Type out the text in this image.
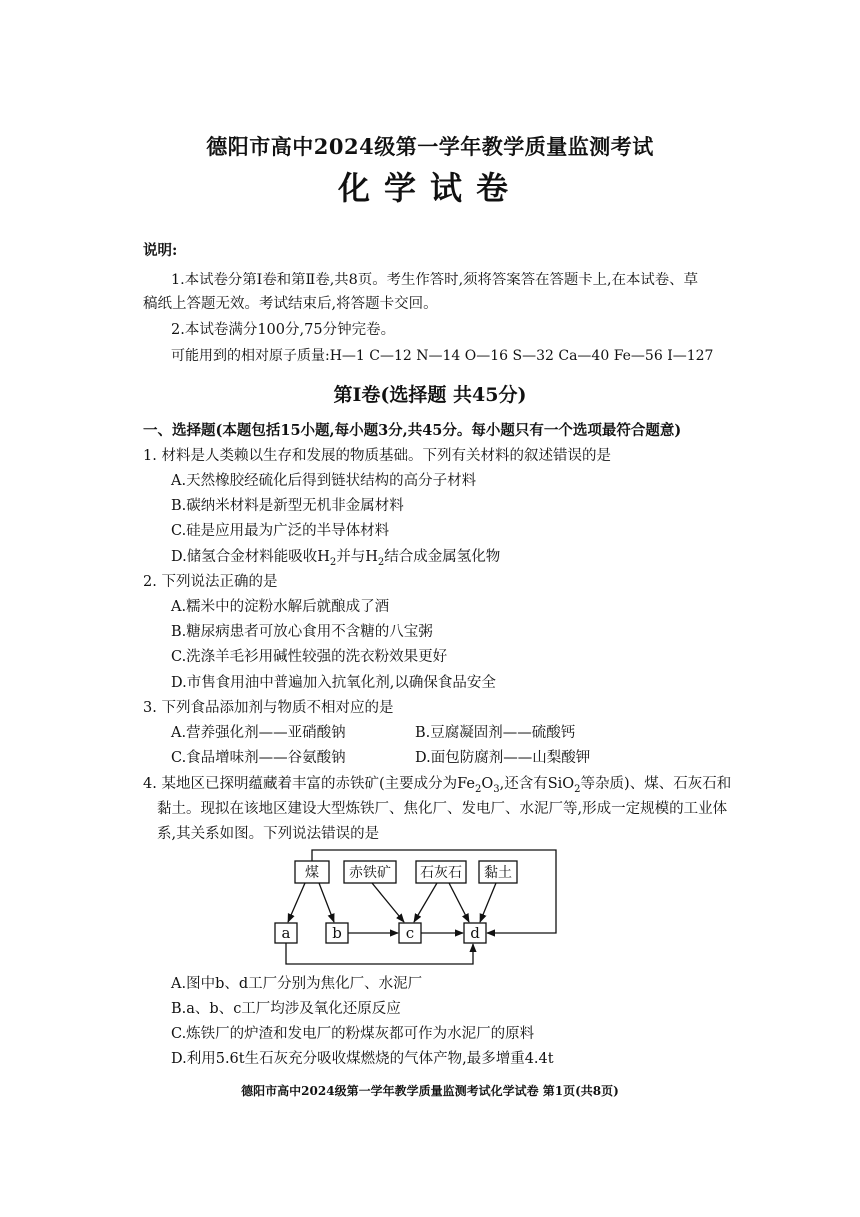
德阳市高中2024级第一学年教学质量监测考试
化学试卷
说明:
1.本试卷分第Ⅰ卷和第Ⅱ卷,共8页。考生作答时,须将答案答在答题卡上,在本试卷、草
稿纸上答题无效。考试结束后,将答题卡交回。
2.本试卷满分100分,75分钟完卷。
可能用到的相对原子质量:H—1 C—12 N—14 O—16 S—32 Ca—40 Fe—56 I—127
第Ⅰ卷(选择题 共45分)
一、选择题(本题包括15小题,每小题3分,共45分。每小题只有一个选项最符合题意)
1. 材料是人类赖以生存和发展的物质基础。下列有关材料的叙述错误的是
A.天然橡胶经硫化后得到链状结构的高分子材料
B.碳纳米材料是新型无机非金属材料
C.硅是应用最为广泛的半导体材料
D.储氢合金材料能吸收$H_2$并与$H_2$结合成金属氢化物
2. 下列说法正确的是
A.糯米中的淀粉水解后就酿成了酒
B.糖尿病患者可放心食用不含糖的八宝粥
C.洗涤羊毛衫用碱性较强的洗衣粉效果更好
D.市售食用油中普遍加入抗氧化剂,以确保食品安全
3. 下列食品添加剂与物质不相对应的是
A.营养强化剂——亚硝酸钠	B.豆腐凝固剂——硫酸钙
C.食品增味剂——谷氨酸钠	D.面包防腐剂——山梨酸钾
4. 某地区已探明蕴藏着丰富的赤铁矿(主要成分为$Fe_2O_3$,还含有SiO$_2$等杂质)、煤、石灰石和
黏土。现拟在该地区建设大型炼铁厂、焦化厂、发电厂、水泥厂等,形成一定规模的工业体
系,其关系如图。下列说法错误的是
煤 赤铁矿 石灰石 黏土
a	b	c	d
A.图中b、d工厂分别为焦化厂、水泥厂
B.a、b、c工厂均涉及氧化还原反应
C.炼铁厂的炉渣和发电厂的粉煤灰都可作为水泥厂的原料
D.利用5.6t生石灰充分吸收煤燃烧的气体产物,最多增重4.4t
德阳市高中2024级第一学年教学质量监测考试化学试卷 第1页(共8页)
